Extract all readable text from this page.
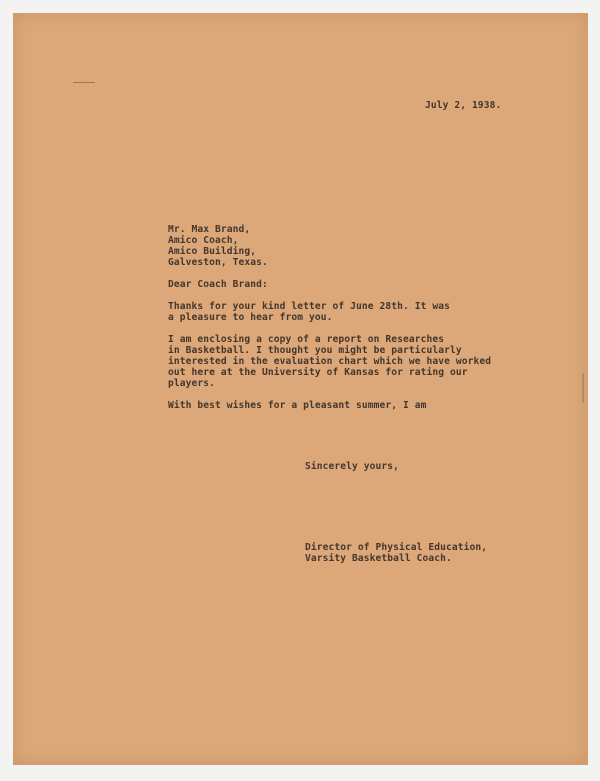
July 2, 1938.
Mr. Max Brand,
Amico Coach,
Amico Building,
Galveston, Texas.
Dear Coach Brand:
Thanks for your kind letter of June 28th. It was
a pleasure to hear from you.
I am enclosing a copy of a report on Researches
in Basketball. I thought you might be particularly
interested in the evaluation chart which we have worked
out here at the University of Kansas for rating our
players.
With best wishes for a pleasant summer, I am
Sincerely yours,
Director of Physical Education,
Varsity Basketball Coach.
